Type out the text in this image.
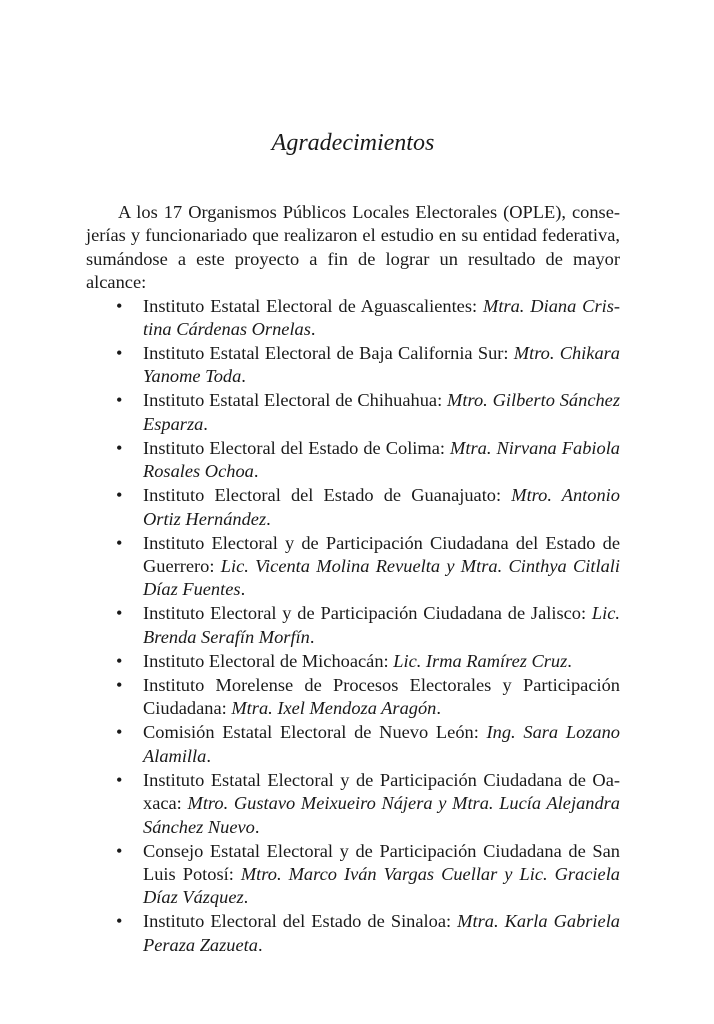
Agradecimientos

A los 17 Organismos Públicos Locales Electorales (OPLE), consejerías y funcionariado que realizaron el estudio en su entidad federativa, sumándose a este proyecto a fin de lograr un resultado de mayor alcance:

• Instituto Estatal Electoral de Aguascalientes: Mtra. Diana Cristina Cárdenas Ornelas.
• Instituto Estatal Electoral de Baja California Sur: Mtro. Chikara Yanome Toda.
• Instituto Estatal Electoral de Chihuahua: Mtro. Gilberto Sánchez Esparza.
• Instituto Electoral del Estado de Colima: Mtra. Nirvana Fabiola Rosales Ochoa.
• Instituto Electoral del Estado de Guanajuato: Mtro. Antonio Ortiz Hernández.
• Instituto Electoral y de Participación Ciudadana del Estado de Guerrero: Lic. Vicenta Molina Revuelta y Mtra. Cinthya Citlali Díaz Fuentes.
• Instituto Electoral y de Participación Ciudadana de Jalisco: Lic. Brenda Serafín Morfín.
• Instituto Electoral de Michoacán: Lic. Irma Ramírez Cruz.
• Instituto Morelense de Procesos Electorales y Participación Ciudadana: Mtra. Ixel Mendoza Aragón.
• Comisión Estatal Electoral de Nuevo León: Ing. Sara Lozano Alamilla.
• Instituto Estatal Electoral y de Participación Ciudadana de Oaxaca: Mtro. Gustavo Meixueiro Nájera y Mtra. Lucía Alejandra Sánchez Nuevo.
• Consejo Estatal Electoral y de Participación Ciudadana de San Luis Potosí: Mtro. Marco Iván Vargas Cuellar y Lic. Graciela Díaz Vázquez.
• Instituto Electoral del Estado de Sinaloa: Mtra. Karla Gabriela Peraza Zazueta.
